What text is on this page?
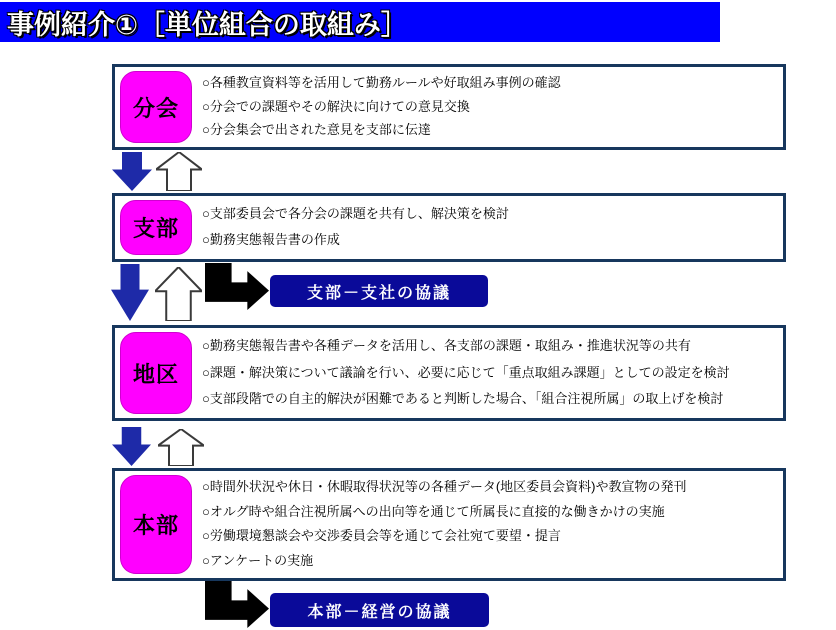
事例紹介①［単位組合の取組み］
分会
○各種教宣資料等を活用して勤務ルールや好取組み事例の確認
○分会での課題やその解決に向けての意見交換
○分会集会で出された意見を支部に伝達
支部
○支部委員会で各分会の課題を共有し、解決策を検討
○勤務実態報告書の作成
支部－支社の協議
地区
○勤務実態報告書や各種データを活用し、各支部の課題・取組み・推進状況等の共有
○課題・解決策について議論を行い、必要に応じて「重点取組み課題」としての設定を検討
○支部段階での自主的解決が困難であると判断した場合、「組合注視所属」の取上げを検討
本部
○時間外状況や休日・休暇取得状況等の各種データ(地区委員会資料)や教宣物の発刊
○オルグ時や組合注視所属への出向等を通じて所属長に直接的な働きかけの実施
○労働環境懇談会や交渉委員会等を通じて会社宛て要望・提言
○アンケートの実施
本部－経営の協議
